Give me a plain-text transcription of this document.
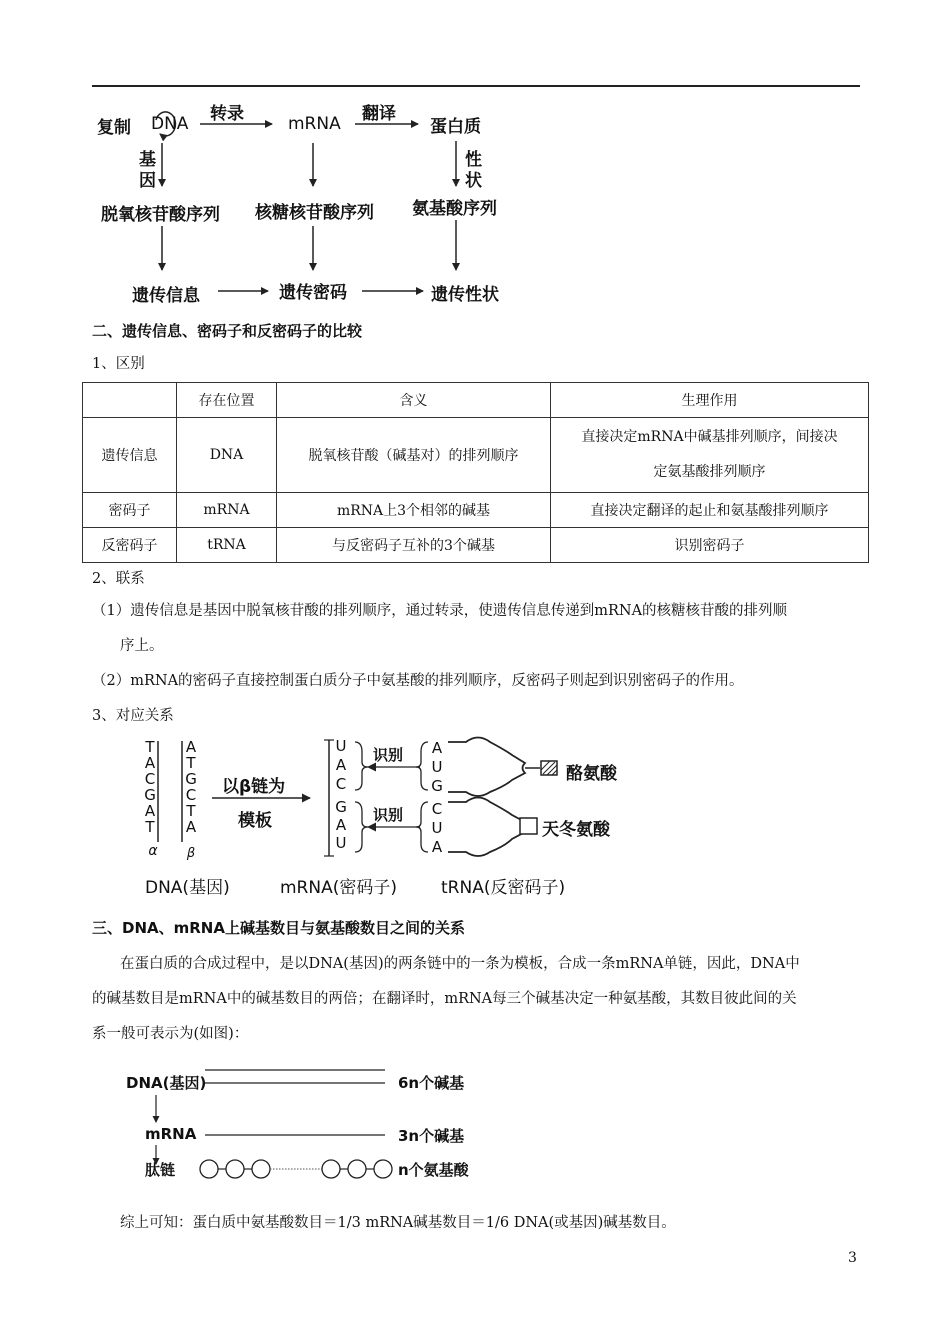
复制 DNA 转录	mRNA 翻译
蛋白质
基
因
性
状
脱氧核苷酸序列 核糖核苷酸序列 氨基酸序列
遗传信息	遗传密码	遗传性状
二、遗传信息、密码子和反密码子的比较
1、区别
	存在位置	含义	生理作用
遗传信息	DNA	脱氧核苷酸（碱基对）的排列顺序	直接决定mRNA中碱基排列顺序，间接决
定氨基酸排列顺序
密码子	mRNA	mRNA上3个相邻的碱基	直接决定翻译的起止和氨基酸排列顺序
反密码子	tRNA	与反密码子互补的3个碱基	识别密码子
2、联系
（1）遗传信息是基因中脱氧核苷酸的排列顺序，通过转录，使遗传信息传递到mRNA的核糖核苷酸的排列顺
序上。
（2）mRNA的密码子直接控制蛋白质分子中氨基酸的排列顺序，反密码子则起到识别密码子的作用。
3、对应关系
T
A
C
G
A
T
α
A
T
G
C
T
A
β
以β链为
模板
U
A
C
G
A
U
识别
识别
A
U
G
C
U
A
酪氨酸
天冬氨酸
DNA(基因)	mRNA(密码子)	tRNA(反密码子)
三、DNA、mRNA上碱基数目与氨基酸数目之间的关系
在蛋白质的合成过程中，是以DNA(基因)的两条链中的一条为模板，合成一条mRNA单链，因此，DNA中
的碱基数目是mRNA中的碱基数目的两倍；在翻译时，mRNA每三个碱基决定一种氨基酸，其数目彼此间的关
系一般可表示为(如图)：
DNA(基因)	6n个碱基
mRNA	3n个碱基
肽链	n个氨基酸
综上可知：蛋白质中氨基酸数目＝1/3 mRNA碱基数目＝1/6 DNA(或基因)碱基数目。
3
